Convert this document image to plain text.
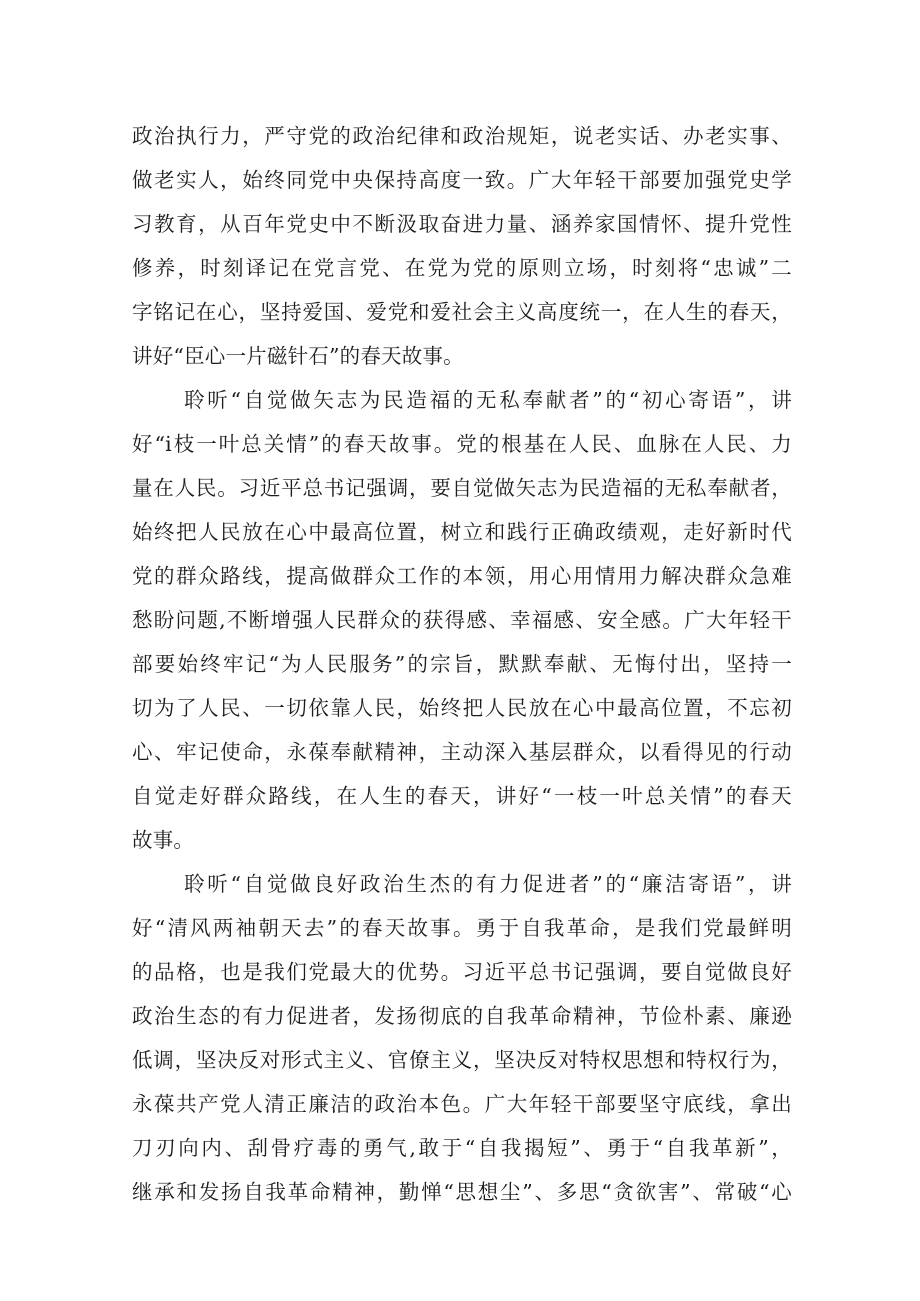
政治执行力，严守党的政治纪律和政治规矩，说老实话、办老实事、
做老实人，始终同党中央保持高度一致。广大年轻干部要加强党史学
习教育，从百年党史中不断汲取奋进力量、涵养家国情怀、提升党性
修养，时刻译记在党言党、在党为党的原则立场，时刻将“忠诚”二
字铭记在心，坚持爱国、爱党和爱社会主义高度统一，在人生的春天，
讲好“臣心一片磁针石”的春天故事。
聆听“自觉做矢志为民造福的无私奉献者”的“初心寄语”，讲
好“i枝一叶总关情”的春天故事。党的根基在人民、血脉在人民、力
量在人民。习近平总书记强调，要自觉做矢志为民造福的无私奉献者，
始终把人民放在心中最高位置，树立和践行正确政绩观，走好新时代
党的群众路线，提高做群众工作的本领，用心用情用力解决群众急难
愁盼问题,不断增强人民群众的获得感、幸福感、安全感。广大年轻干
部要始终牢记“为人民服务”的宗旨，默默奉献、无悔付出，坚持一
切为了人民、一切依靠人民，始终把人民放在心中最高位置，不忘初
心、牢记使命，永葆奉献精神，主动深入基层群众，以看得见的行动
自觉走好群众路线，在人生的春天，讲好“一枝一叶总关情”的春天
故事。
聆听“自觉做良好政治生杰的有力促进者”的“廉洁寄语”，讲
好“清风两袖朝天去”的春天故事。勇于自我革命，是我们党最鲜明
的品格，也是我们党最大的优势。习近平总书记强调，要自觉做良好
政治生态的有力促进者，发扬彻底的自我革命精神，节俭朴素、廉逊
低调，坚决反对形式主义、官僚主义，坚决反对特权思想和特权行为，
永葆共产党人清正廉洁的政治本色。广大年轻干部要坚守底线，拿出
刀刃向内、刮骨疗毒的勇气,敢于“自我揭短”、勇于“自我革新”，
继承和发扬自我革命精神，勤惮“思想尘”、多思“贪欲害”、常破“心
